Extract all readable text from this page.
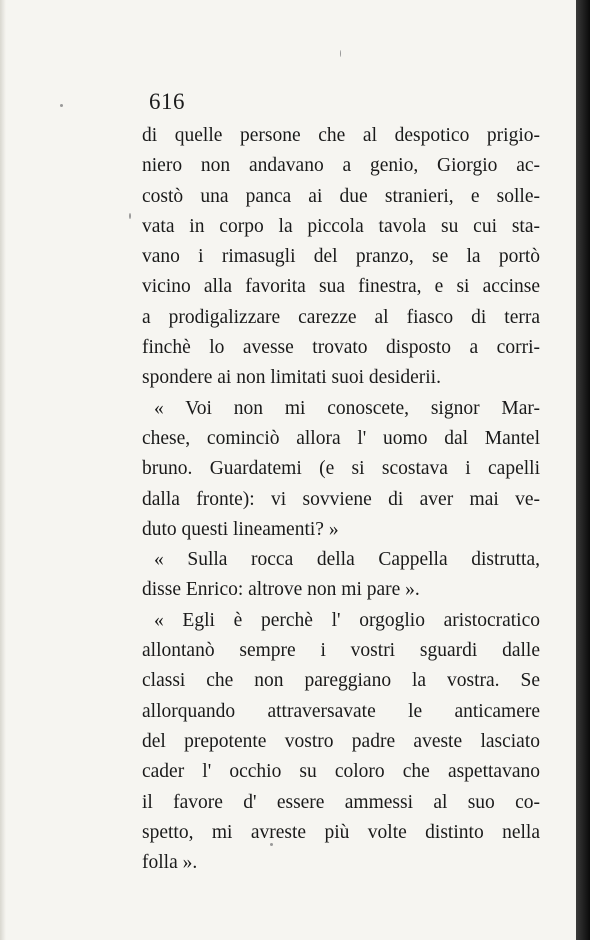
616
di quelle persone che al despotico prigio-
niero non andavano a genio, Giorgio ac-
costò una panca ai due stranieri, e solle-
vata in corpo la piccola tavola su cui sta-
vano i rimasugli del pranzo, se la portò
vicino alla favorita sua finestra, e si accinse
a prodigalizzare carezze al fiasco di terra
finchè lo avesse trovato disposto a corri-
spondere ai non limitati suoi desiderii.
« Voi non mi conoscete, signor Mar-
chese, cominciò allora l' uomo dal Mantel
bruno. Guardatemi (e si scostava i capelli
dalla fronte): vi sovviene di aver mai ve-
duto questi lineamenti? »
« Sulla rocca della Cappella distrutta,
disse Enrico: altrove non mi pare ».
« Egli è perchè l' orgoglio aristocratico
allontanò sempre i vostri sguardi dalle
classi che non pareggiano la vostra. Se
allorquando attraversavate le anticamere
del prepotente vostro padre aveste lasciato
cader l' occhio su coloro che aspettavano
il favore d' essere ammessi al suo co-
spetto, mi avreste più volte distinto nella
folla ».
